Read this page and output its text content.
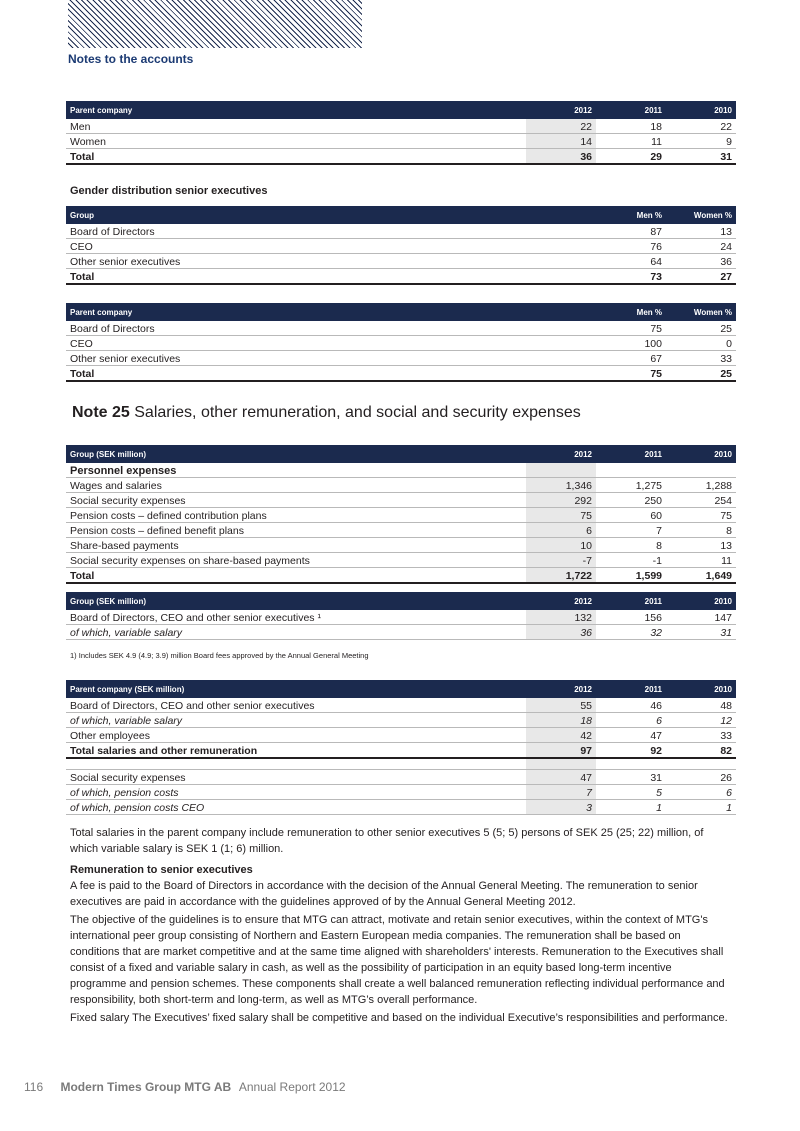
Notes to the accounts
Parent company	2012	2011	2010
Men	22	18	22
Women	14	11	9
Total	36	29	31
Gender distribution senior executives
Group	Men %	Women %
Board of Directors	87	13
CEO	76	24
Other senior executives	64	36
Total	73	27
Parent company	Men %	Women %
Board of Directors	75	25
CEO	100	0
Other senior executives	67	33
Total	75	25
Note 25 Salaries, other remuneration, and social and security expenses
Group (SEK million)	2012	2011	2010
Personnel expenses
Wages and salaries	1,346	1,275	1,288
Social security expenses	292	250	254
Pension costs – defined contribution plans	75	60	75
Pension costs – defined benefit plans	6	7	8
Share-based payments	10	8	13
Social security expenses on share-based payments	-7	-1	11
Total	1,722	1,599	1,649
Group (SEK million)	2012	2011	2010
Board of Directors, CEO and other senior executives ¹	132	156	147
of which, variable salary	36	32	31
1) Includes SEK 4.9 (4.9; 3.9) million Board fees approved by the Annual General Meeting
Parent company (SEK million)	2012	2011	2010
Board of Directors, CEO and other senior executives	55	46	48
of which, variable salary	18	6	12
Other employees	42	47	33
Total salaries and other remuneration	97	92	82
Social security expenses	47	31	26
of which, pension costs	7	5	6
of which, pension costs CEO	3	1	1
Total salaries in the parent company include remuneration to other senior executives 5 (5; 5) persons of SEK 25 (25; 22) million, of which variable salary is SEK 1 (1; 6) million.
Remuneration to senior executives
A fee is paid to the Board of Directors in accordance with the decision of the Annual General Meeting. The remuneration to senior executives are paid in accordance with the guidelines approved of by the Annual General Meeting 2012.
The objective of the guidelines is to ensure that MTG can attract, motivate and retain senior executives, within the context of MTG's international peer group consisting of Northern and Eastern European media companies. The remuneration shall be based on conditions that are market competitive and at the same time aligned with shareholders' interests. Remuneration to the Executives shall consist of a fixed and variable salary in cash, as well as the possibility of participation in an equity based long-term incentive programme and pension schemes. These components shall create a well balanced remuneration reflecting individual performance and responsibility, both short-term and long-term, as well as MTG’s overall performance.
Fixed salary The Executives’ fixed salary shall be competitive and based on the individual Executive’s responsibilities and performance.
116 Modern Times Group MTG AB Annual Report 2012
